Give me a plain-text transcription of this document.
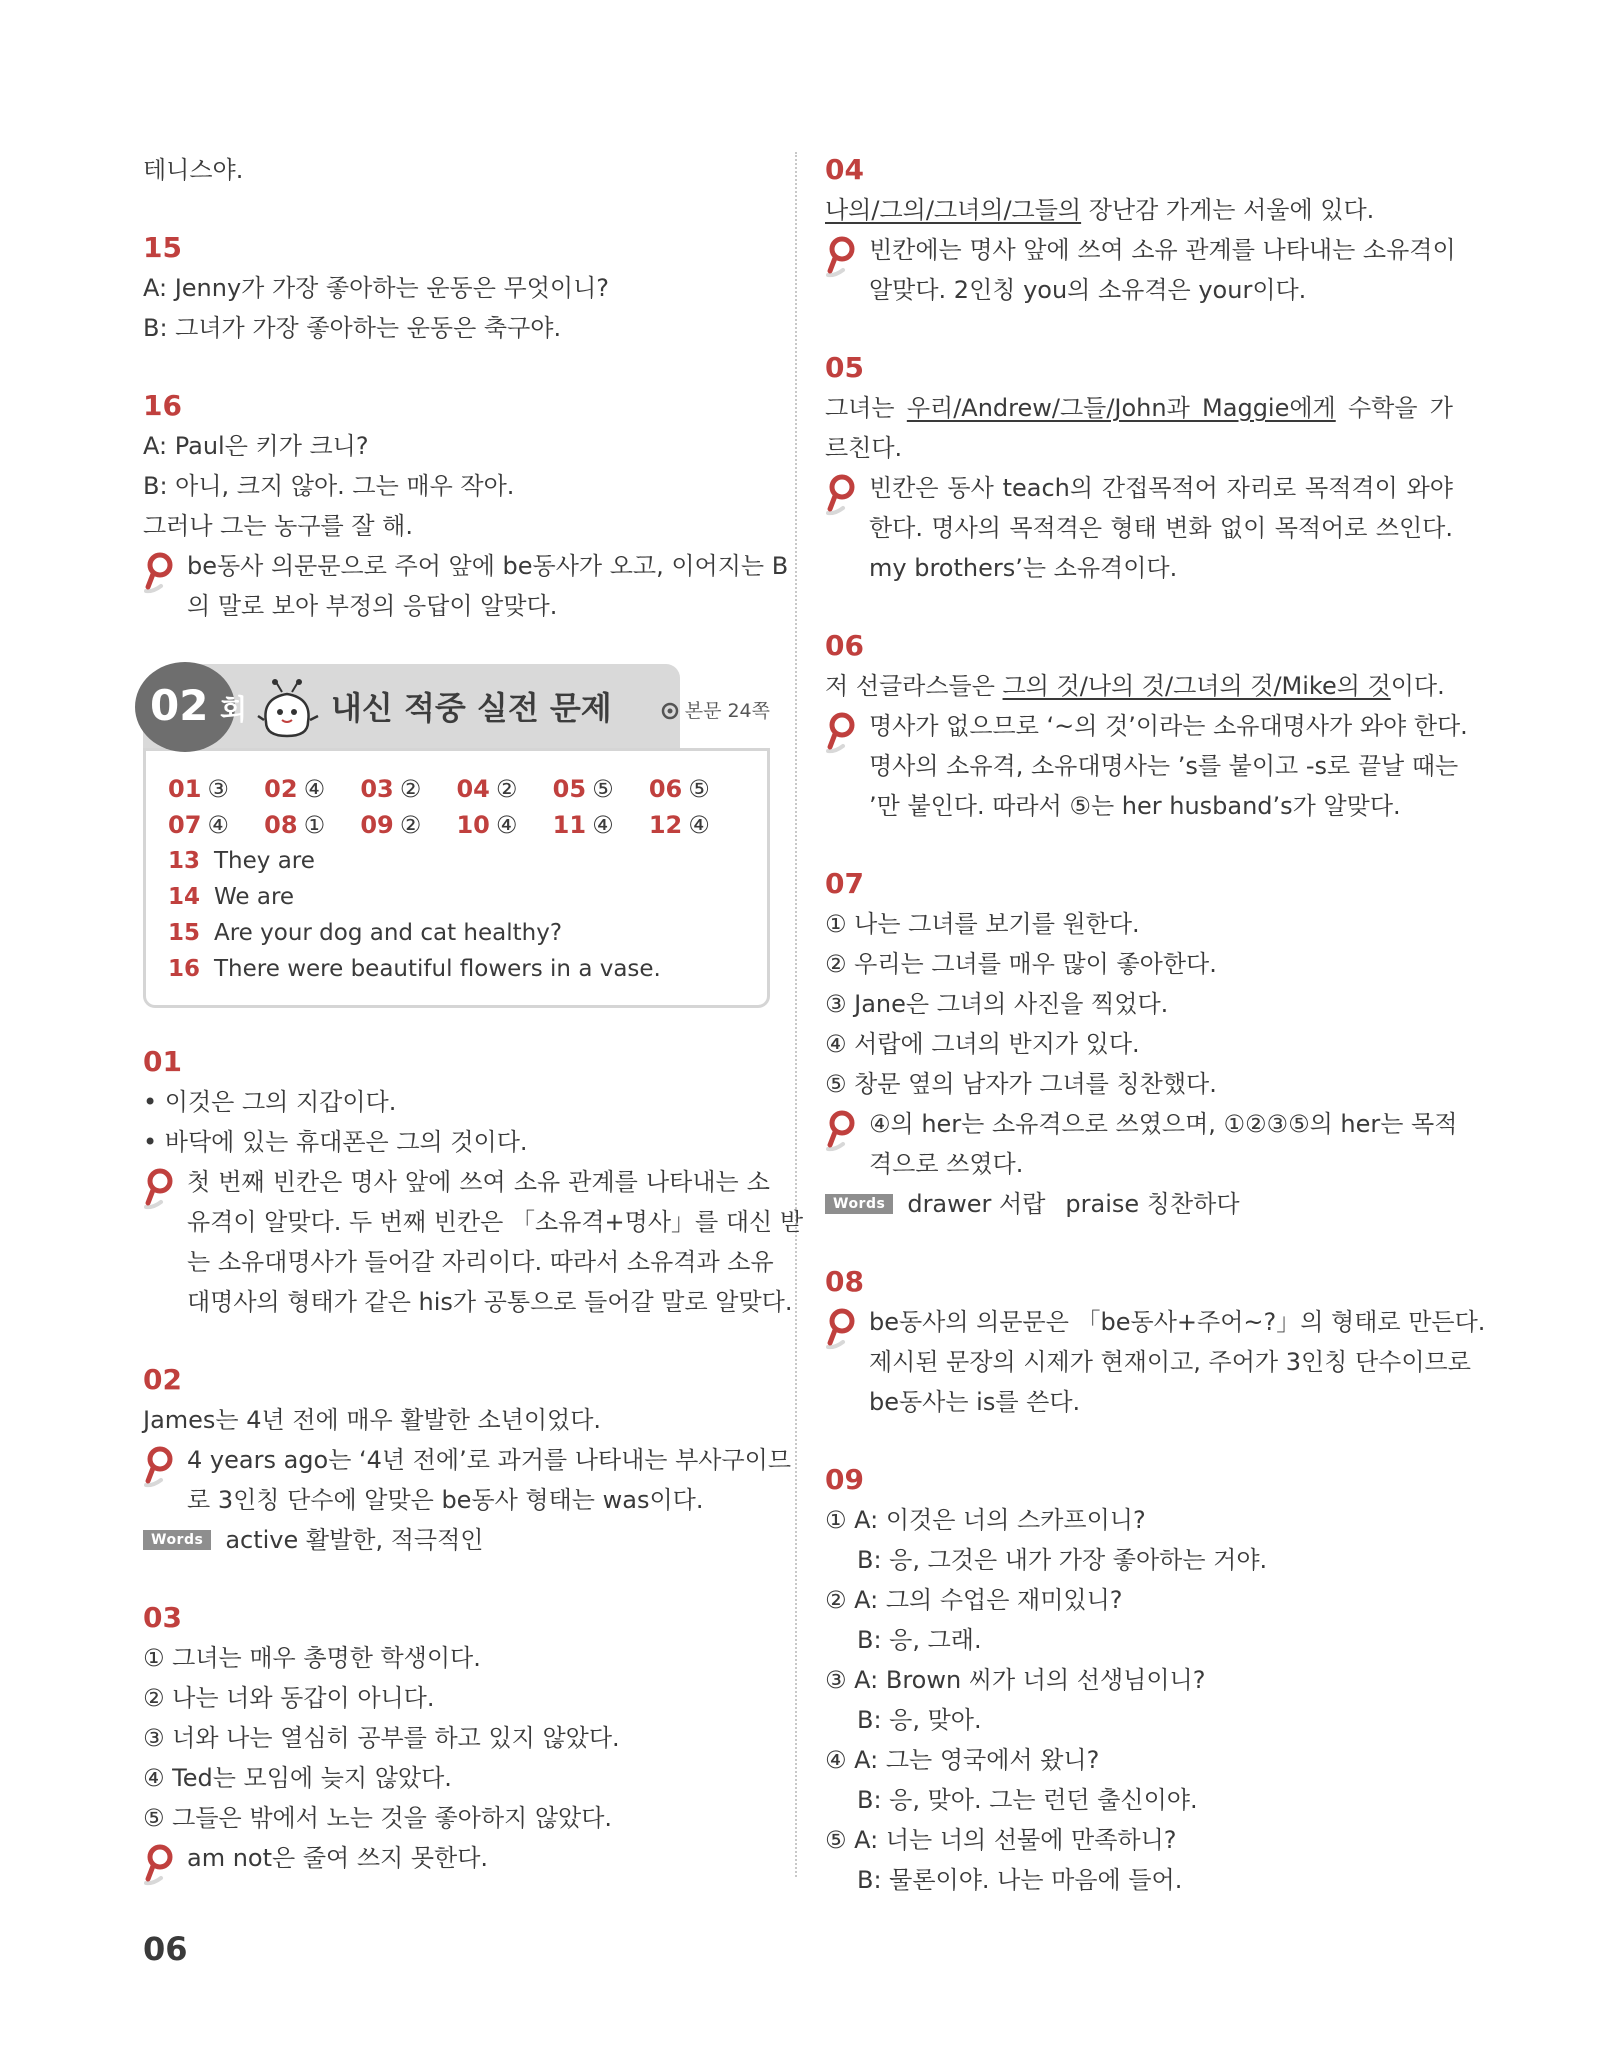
테니스야.
15
A: Jenny가 가장 좋아하는 운동은 무엇이니?
B: 그녀가 가장 좋아하는 운동은 축구야.
16
A: Paul은 키가 크니?
B: 아니, 크지 않아. 그는 매우 작아.
그러나 그는 농구를 잘 해.
be동사 의문문으로 주어 앞에 be동사가 오고, 이어지는 B
의 말로 보아 부정의 응답이 알맞다.
02 회	내신 적중 실전 문제	본문 24쪽
01 ③	02 ④	03 ②	04 ②	05 ⑤	06 ⑤
07 ④	08 ①	09 ②	10 ④	11 ④	12 ④
13 They are
14 We are
15 Are your dog and cat healthy?
16 There were beautiful flowers in a vase.
01
• 이것은 그의 지갑이다.
• 바닥에 있는 휴대폰은 그의 것이다.
첫 번째 빈칸은 명사 앞에 쓰여 소유 관계를 나타내는 소
유격이 알맞다. 두 번째 빈칸은 「소유격+명사」를 대신 받
는 소유대명사가 들어갈 자리이다. 따라서 소유격과 소유
대명사의 형태가 같은 his가 공통으로 들어갈 말로 알맞다.
02
James는 4년 전에 매우 활발한 소년이었다.
4 years ago는 ‘4년 전에’로 과거를 나타내는 부사구이므
로 3인칭 단수에 알맞은 be동사 형태는 was이다.
Words active 활발한, 적극적인
03
① 그녀는 매우 총명한 학생이다.
② 나는 너와 동갑이 아니다.
③ 너와 나는 열심히 공부를 하고 있지 않았다.
④ Ted는 모임에 늦지 않았다.
⑤ 그들은 밖에서 노는 것을 좋아하지 않았다.
am not은 줄여 쓰지 못한다.
04
나의/그의/그녀의/그들의 장난감 가게는 서울에 있다.
빈칸에는 명사 앞에 쓰여 소유 관계를 나타내는 소유격이
알맞다. 2인칭 you의 소유격은 your이다.
05
그녀는 우리/Andrew/그들/John과 Maggie에게 수학을 가
르친다.
빈칸은 동사 teach의 간접목적어 자리로 목적격이 와야
한다. 명사의 목적격은 형태 변화 없이 목적어로 쓰인다.
my brothers’는 소유격이다.
06
저 선글라스들은 그의 것/나의 것/그녀의 것/Mike의 것이다.
명사가 없으므로 ‘~의 것’이라는 소유대명사가 와야 한다.
명사의 소유격, 소유대명사는 ’s를 붙이고 -s로 끝날 때는
’만 붙인다. 따라서 ⑤는 her husband’s가 알맞다.
07
① 나는 그녀를 보기를 원한다.
② 우리는 그녀를 매우 많이 좋아한다.
③ Jane은 그녀의 사진을 찍었다.
④ 서랍에 그녀의 반지가 있다.
⑤ 창문 옆의 남자가 그녀를 칭찬했다.
④의 her는 소유격으로 쓰였으며, ①②③⑤의 her는 목적
격으로 쓰였다.
Words drawer 서랍 praise 칭찬하다
08
be동사의 의문문은 「be동사+주어~?」의 형태로 만든다.
제시된 문장의 시제가 현재이고, 주어가 3인칭 단수이므로
be동사는 is를 쓴다.
09
① A: 이것은 너의 스카프이니?
B: 응, 그것은 내가 가장 좋아하는 거야.
② A: 그의 수업은 재미있니?
B: 응, 그래.
③ A: Brown 씨가 너의 선생님이니?
B: 응, 맞아.
④ A: 그는 영국에서 왔니?
B: 응, 맞아. 그는 런던 출신이야.
⑤ A: 너는 너의 선물에 만족하니?
B: 물론이야. 나는 마음에 들어.
06
